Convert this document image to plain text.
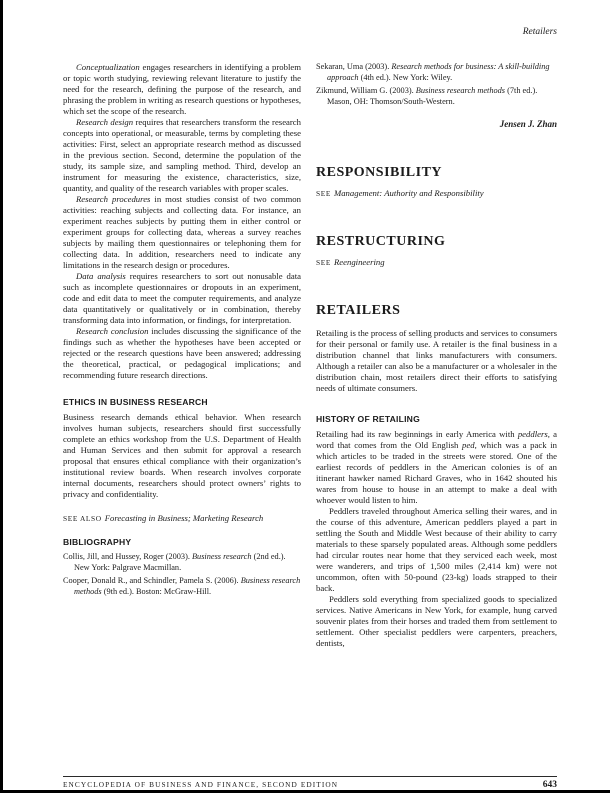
Retailers

Conceptualization engages researchers in identifying a problem or topic worth studying, reviewing relevant literature to justify the need for the research, defining the purpose of the research, and phrasing the problem in writing as research questions or hypotheses, which set the scope of the research.

Research design requires that researchers transform the research concepts into operational, or measurable, terms by completing these activities: First, select an appropriate research method as discussed in the previous section. Second, determine the population of the study, its sample size, and sampling method. Third, develop an instrument for measuring the existence, characteristics, size, quantity, and quality of the research variables with proper scales.

Research procedures in most studies consist of two common activities: reaching subjects and collecting data. For instance, an experiment reaches subjects by putting them in either control or experiment groups for collecting data, whereas a survey reaches subjects by mailing them questionnaires or telephoning them for collecting data. In addition, researchers need to indicate any limitations in the research design or procedures.

Data analysis requires researchers to sort out nonusable data such as incomplete questionnaires or dropouts in an experiment, code and edit data to meet the computer requirements, and analyze data quantitatively or qualitatively or in combination, thereby transforming data into information, or findings, for interpretation.

Research conclusion includes discussing the significance of the findings such as whether the hypotheses have been accepted or rejected or the research questions have been answered; addressing the theoretical, practical, or pedagogical implications; and recommending future research directions.

ETHICS IN BUSINESS RESEARCH

Business research demands ethical behavior. When research involves human subjects, researchers should first successfully complete an ethics workshop from the U.S. Department of Health and Human Services and then submit for approval a research proposal that ensures ethical compliance with their organization’s institutional review boards. When research involves corporate internal documents, researchers should protect owners’ rights to privacy and confidentiality.

SEE ALSO Forecasting in Business; Marketing Research

BIBLIOGRAPHY

Collis, Jill, and Hussey, Roger (2003). Business research (2nd ed.). New York: Palgrave Macmillan.

Cooper, Donald R., and Schindler, Pamela S. (2006). Business research methods (9th ed.). Boston: McGraw-Hill.

Sekaran, Uma (2003). Research methods for business: A skill-building approach (4th ed.). New York: Wiley.

Zikmund, William G. (2003). Business research methods (7th ed.). Mason, OH: Thomson/South-Western.

Jensen J. Zhan

RESPONSIBILITY

SEE Management: Authority and Responsibility

RESTRUCTURING

SEE Reengineering

RETAILERS

Retailing is the process of selling products and services to consumers for their personal or family use. A retailer is the final business in a distribution channel that links manufacturers with consumers. Although a retailer can also be a manufacturer or a wholesaler in the distribution chain, most retailers direct their efforts to satisfying needs of ultimate consumers.

HISTORY OF RETAILING

Retailing had its raw beginnings in early America with peddlers, a word that comes from the Old English ped, which was a pack in which articles to be traded in the streets were stored. One of the earliest records of peddlers in the American colonies is of an itinerant hawker named Richard Graves, who in 1642 shouted his wares from house to house in an attempt to make a deal with whoever would listen to him.

Peddlers traveled throughout America selling their wares, and in the course of this adventure, American peddlers played a part in settling the South and Middle West because of their ability to carry materials to these sparsely populated areas. Although some peddlers had circular routes near home that they serviced each week, most were wanderers, and trips of 1,500 miles (2,414 km) were not uncommon, often with 50-pound (23-kg) loads strapped to their back.

Peddlers sold everything from specialized goods to specialized services. Native Americans in New York, for example, hung carved souvenir plates from their horses and traded them from settlement to settlement. Other specialist peddlers were carpenters, preachers, dentists,

ENCYCLOPEDIA OF BUSINESS AND FINANCE, SECOND EDITION	643
